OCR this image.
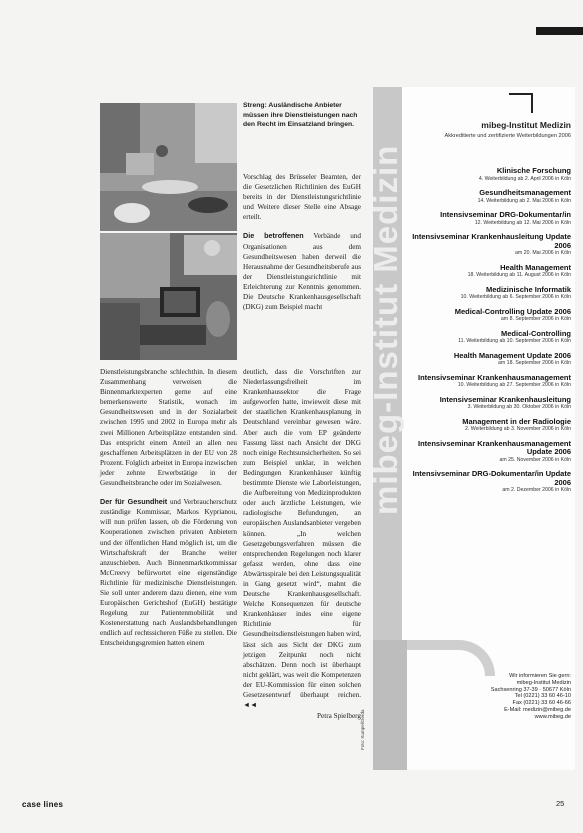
Streng: Ausländische Anbieter müssen ihre Dienstleistungen nach den Recht im Einsatzland bringen.

Dienstleistungsbranche schlechthin. In diesem Zusammenhang verweisen die Binnenmarktexperten gerne auf eine bemerkenswerte Statistik, wonach im Gesundheitswesen und in der Sozialarbeit zwischen 1995 und 2002 in Europa mehr als zwei Millionen Arbeitsplätze entstanden sind. Das entspricht einem Anteil an allen neu geschaffenen Arbeitsplätzen in der EU von 28 Prozent. Folglich arbeitet in Europa inzwischen jeder zehnte Erwerbstätige in der Gesundheitsbranche oder im Sozialwesen.

Der für Gesundheit und Verbraucherschutz zuständige Kommissar, Markos Kyprianou, will nun prüfen lassen, ob die Förderung von Kooperationen zwischen privaten Anbietern und der öffentlichen Hand möglich ist, um die Wirtschaftskraft der Branche weiter anzuschieben. Auch Binnenmarktkommissar McCreevy befürwortet eine eigenständige Richtlinie für medizinische Dienstleistungen. Sie soll unter anderem dazu dienen, eine vom Europäischen Gerichtshof (EuGH) bestätigte Regelung zur Patientenmobilität und Kostenerstattung nach Auslandsbehandlungen endlich auf rechtssicheren Füße zu stellen. Die Entscheidungsgremien hatten einem

Vorschlag des Brüsseler Beamten, der die Gesetzlichen Richtlinien des EuGH bereits in der Dienstleistungsrichtlinie und Weitere dieser Stelle eine Absage erteilt.

Die betroffenen Verbände und Organisationen aus dem Gesundheitswesen haben derweil die Herausnahme der Gesundheitsberufe aus der Dienstleistungsrichtlinie mit Erleichterung zur Kenntnis genommen. Die Deutsche Krankenhausgesellschaft (DKG) zum Beispiel macht

deutlich, dass die Vorschriften zur Niederlassungsfreiheit im Krankenhaussektor die Frage aufgeworfen hatte, inwieweit diese mit der staatlichen Krankenhausplanung in Deutschland vereinbar gewesen wäre. Aber auch die vom EP geänderte Fassung lässt nach Ansicht der DKG noch einige Rechtsunsicherheiten. So sei zum Beispiel unklar, in welchen Bedingungen Krankenhäuser künftig bestimmte Dienste wie Laborleistungen, die Aufbereitung von Medizinprodukten oder auch ärztliche Leistungen, wie radiologische Befundungen, an europäischen Auslandsanbieter vergeben können. „In welchen Gesetzgebungsverfahren müssen die entsprechenden Regelungen noch klarer gefasst werden, ohne dass eine Abwärtsspirale bei den Leistungsqualität in Gang gesetzt wird“, mahnt die Deutsche Krankenhausgesellschaft. Welche Konsequenzen für deutsche Krankenhäuser indes eine eigene Richtlinie für Gesundheitsdienstleistungen haben wird, lässt sich aus Sicht der DKG zum jetzigen Zeitpunkt noch nicht abschätzen. Denn noch ist überhaupt nicht geklärt, was weit die Kompetenzen der EU-Kommission für einen solchen Gesetzesentwurf überhaupt reichen. ◄◄

Petra Spielberg Foto: Kumpel/Gerda
mibeg-Institut Medizin
mibeg-Institut Medizin
Akkreditierte und zertifizierte Weiterbildungen 2006
Klinische Forschung
4. Weiterbildung ab 2. April 2006 in Köln
Gesundheitsmanagement
14. Weiterbildung ab 2. Mai 2006 in Köln
Intensivseminar DRG-Dokumentar/in
12. Weiterbildung ab 12. Mai 2006 in Köln
Intensivseminar Krankenhausleitung Update 2006
am 20. Mai 2006 in Köln
Health Management
18. Weiterbildung ab 11. August 2006 in Köln
Medizinische Informatik
10. Weiterbildung ab 6. September 2006 in Köln
Medical-Controlling Update 2006
am 8. September 2006 in Köln
Medical-Controlling
11. Weiterbildung ab 10. September 2006 in Köln
Health Management Update 2006
am 18. September 2006 in Köln
Intensivseminar Krankenhausmanagement
10. Weiterbildung ab 27. September 2006 in Köln
Intensivseminar Krankenhausleitung
3. Weiterbildung ab 30. Oktober 2006 in Köln
Management in der Radiologie
2. Weiterbildung ab 3. November 2006 in Köln
Intensivseminar Krankenhausmanagement Update 2006
am 25. November 2006 in Köln
Intensivseminar DRG-Dokumentar/in Update 2006
am 2. Dezember 2006 in Köln
Wir informieren Sie gern:
mibeg-Institut Medizin
Sachsenring 37-39 · 50677 Köln
Tel (0221) 33 60 46-10
Fax (0221) 33 60 46-66
E-Mail: medizin@mibeg.de
www.mibeg.de
case lines	25
